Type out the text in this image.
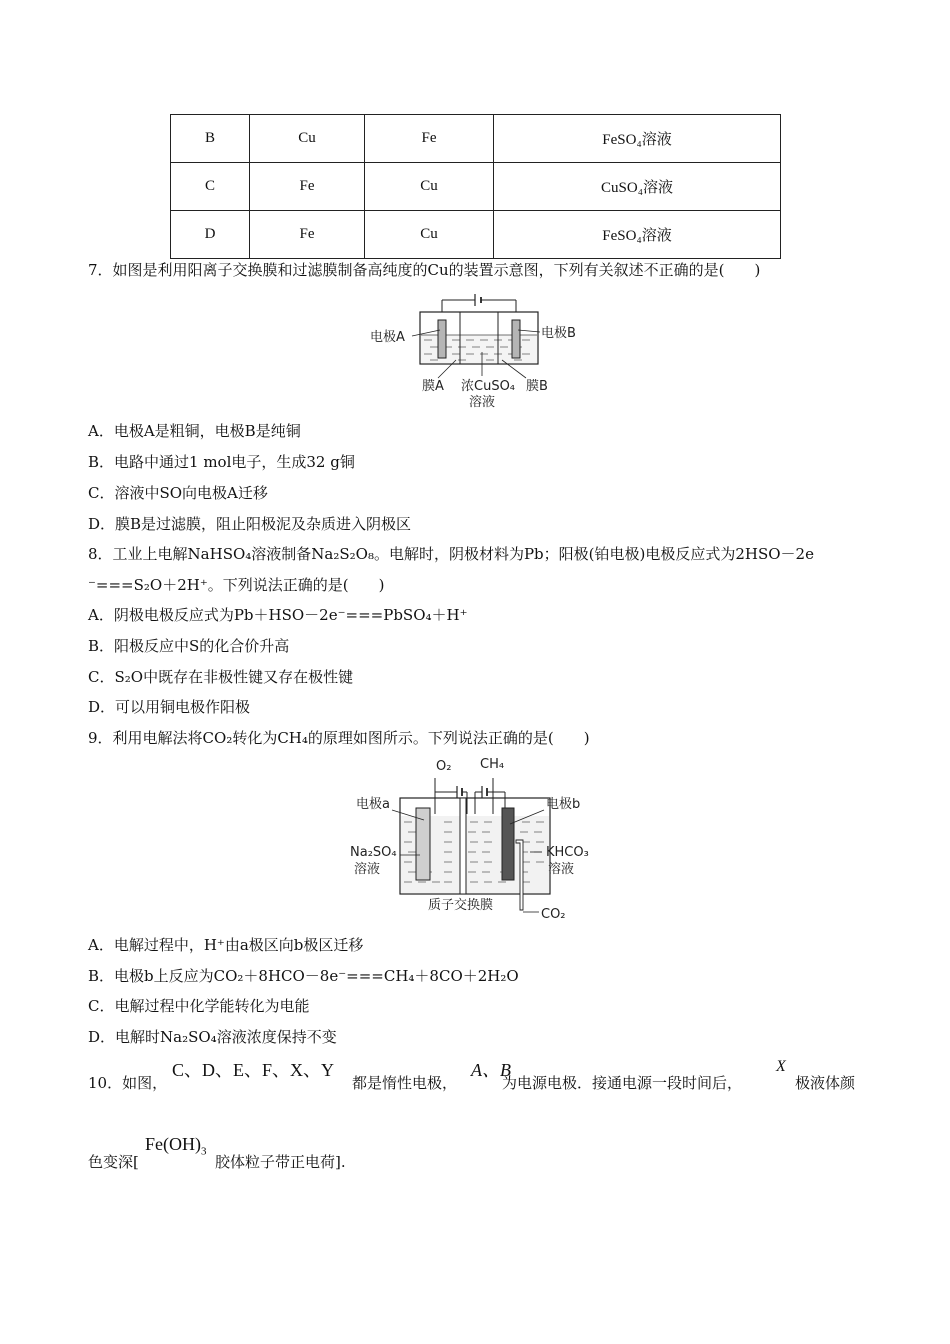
B	Cu	Fe	FeSO₄溶液
C	Fe	Cu	CuSO₄溶液
D	Fe	Cu	FeSO₄溶液
7．如图是利用阳离子交换膜和过滤膜制备高纯度的Cu的装置示意图，下列有关叙述不正确的是(　　)
电极A	电极B
膜A 浓CuSO₄
溶液
膜B
A．电极A是粗铜，电极B是纯铜
B．电路中通过1 mol电子，生成32 g铜
C．溶液中SO向电极A迁移
D．膜B是过滤膜，阻止阳极泥及杂质进入阴极区
8．工业上电解NaHSO₄溶液制备Na₂S₂O₈。电解时，阴极材料为Pb；阳极(铂电极)电极反应式为2HSO－2e
⁻===S₂O＋2H⁺。下列说法正确的是(　　)
A．阴极电极反应式为Pb＋HSO－2e⁻===PbSO₄＋H⁺
B．阳极反应中S的化合价升高
C．S₂O中既存在非极性键又存在极性键
D．可以用铜电极作阳极
9．利用电解法将CO₂转化为CH₄的原理如图所示。下列说法正确的是(　　)
O₂ CH₄
电极a	电极b
Na₂SO₄
溶液
KHCO₃
溶液
质子交换膜
CO₂
A．电解过程中，H⁺由a极区向b极区迁移
B．电极b上反应为CO₂＋8HCO－8e⁻===CH₄＋8CO＋2H₂O
C．电解过程中化学能转化为电能
D．电解时Na₂SO₄溶液浓度保持不变
10．如图，
C、D、E、F、X、Y
都是惰性电极，
A、B
为电源电极．接通电源一段时间后，
X
极液体颜
色变深[
$Fe(OH)_3$
胶体粒子带正电荷].
